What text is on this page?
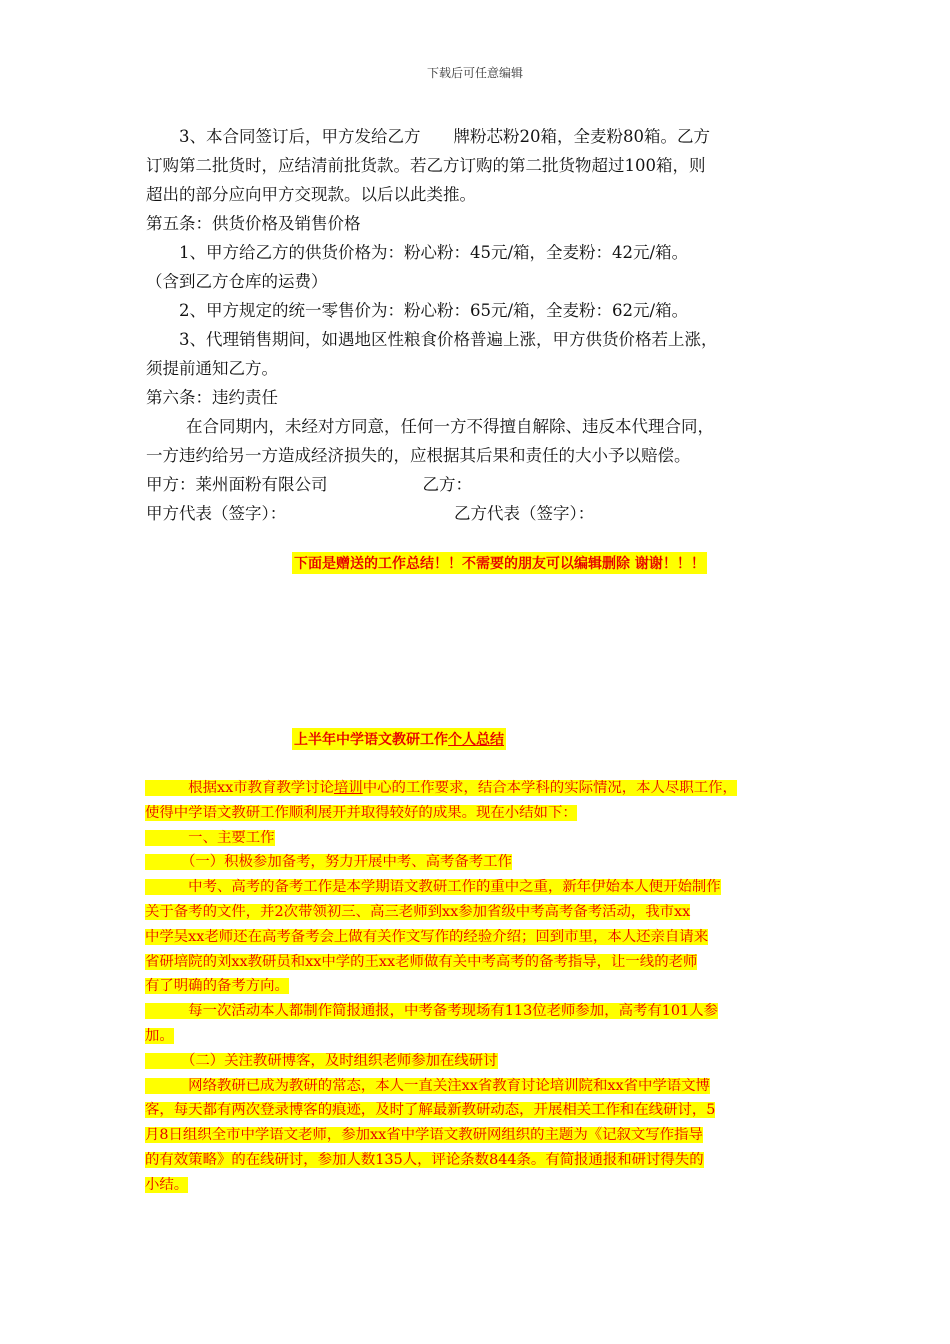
下载后可任意编辑

3、本合同签订后，甲方发给乙方　　牌粉芯粉20箱，全麦粉80箱。乙方

订购第二批货时，应结清前批货款。若乙方订购的第二批货物超过100箱，则

超出的部分应向甲方交现款。以后以此类推。

第五条：供货价格及销售价格

1、甲方给乙方的供货价格为：粉心粉：45元/箱，全麦粉：42元/箱。

（含到乙方仓库的运费）

2、甲方规定的统一零售价为：粉心粉：65元/箱，全麦粉：62元/箱。

3、代理销售期间，如遇地区性粮食价格普遍上涨，甲方供货价格若上涨，

须提前通知乙方。

第六条：违约责任

在合同期内，未经对方同意，任何一方不得擅自解除、违反本代理合同，

一方违约给另一方造成经济损失的，应根据其后果和责任的大小予以赔偿。

甲方：莱州面粉有限公司	乙方：

甲方代表（签字）：	乙方代表（签字）：

下面是赠送的工作总结！！不需要的朋友可以编辑删除 谢谢！！！
上半年中学语文教研工作个人总结

　　　根据xx市教育教学讨论培训中心的工作要求，结合本学科的实际情况，本人尽职工作，

使得中学语文教研工作顺利展开并取得较好的成果。现在小结如下：

　　　一、主要工作

　　　（一）积极参加备考，努力开展中考、高考备考工作

　　　中考、高考的备考工作是本学期语文教研工作的重中之重，新年伊始本人便开始制作

关于备考的文件，并2次带领初三、高三老师到xx参加省级中考高考备考活动，我市xx

中学吴xx老师还在高考备考会上做有关作文写作的经验介绍；回到市里，本人还亲自请来

省研培院的刘xx教研员和xx中学的王xx老师做有关中考高考的备考指导，让一线的老师

有了明确的备考方向。

　　　每一次活动本人都制作简报通报，中考备考现场有113位老师参加，高考有101人参

加。

　　　（二）关注教研博客，及时组织老师参加在线研讨

　　　网络教研已成为教研的常态，本人一直关注xx省教育讨论培训院和xx省中学语文博

客，每天都有两次登录博客的痕迹，及时了解最新教研动态，开展相关工作和在线研讨，5

月8日组织全市中学语文老师，参加xx省中学语文教研网组织的主题为《记叙文写作指导

的有效策略》的在线研讨，参加人数135人，评论条数844条。有简报通报和研讨得失的

小结。
